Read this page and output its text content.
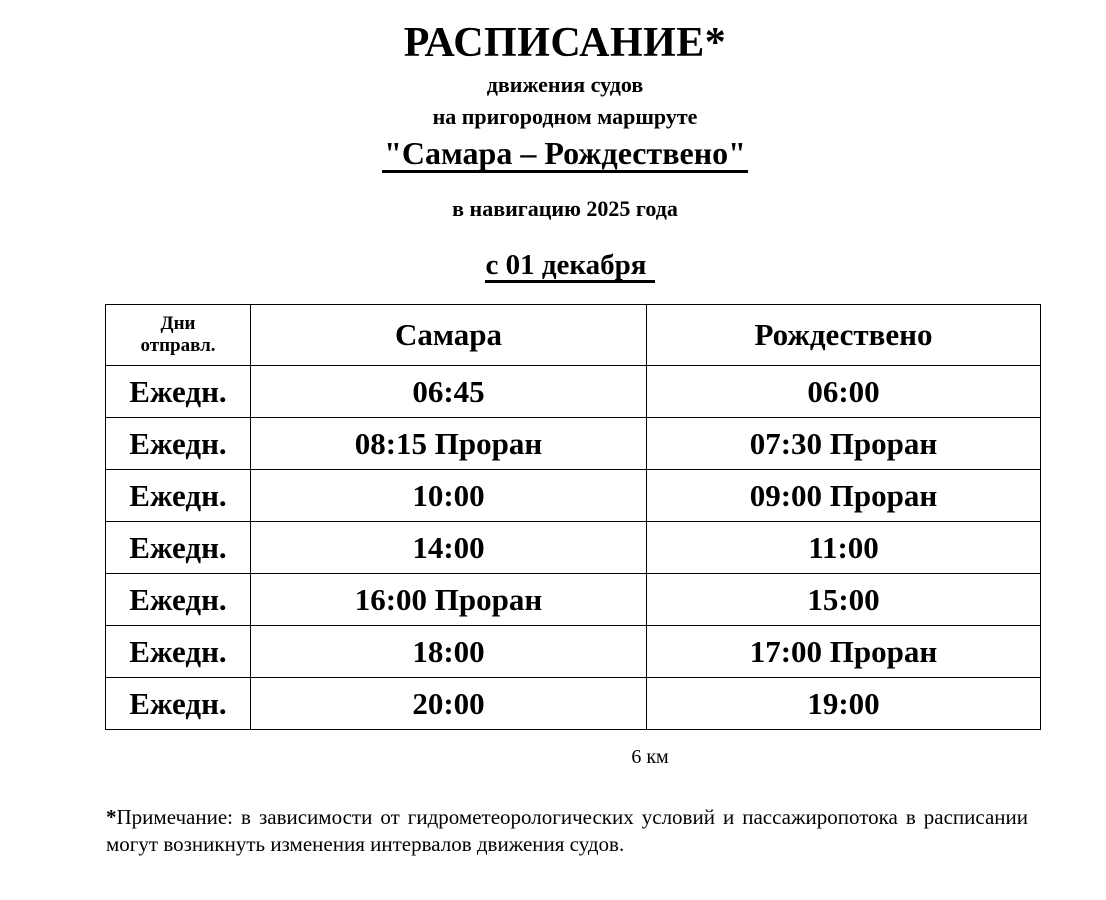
РАСПИСАНИЕ*
движения судов
на пригородном маршруте
"Самара – Рождествено"
в навигацию 2025 года
с 01 декабря
Дни
отправл.	Самара	Рождествено
Ежедн.	06:45	06:00
Ежедн.	08:15 Проран	07:30 Проран
Ежедн.	10:00	09:00 Проран
Ежедн.	14:00	11:00
Ежедн.	16:00 Проран	15:00
Ежедн.	18:00	17:00 Проран
Ежедн.	20:00	19:00
6 км
*Примечание: в зависимости от гидрометеорологических условий и пассажиропотока в расписании могут возникнуть изменения интервалов движения судов.
